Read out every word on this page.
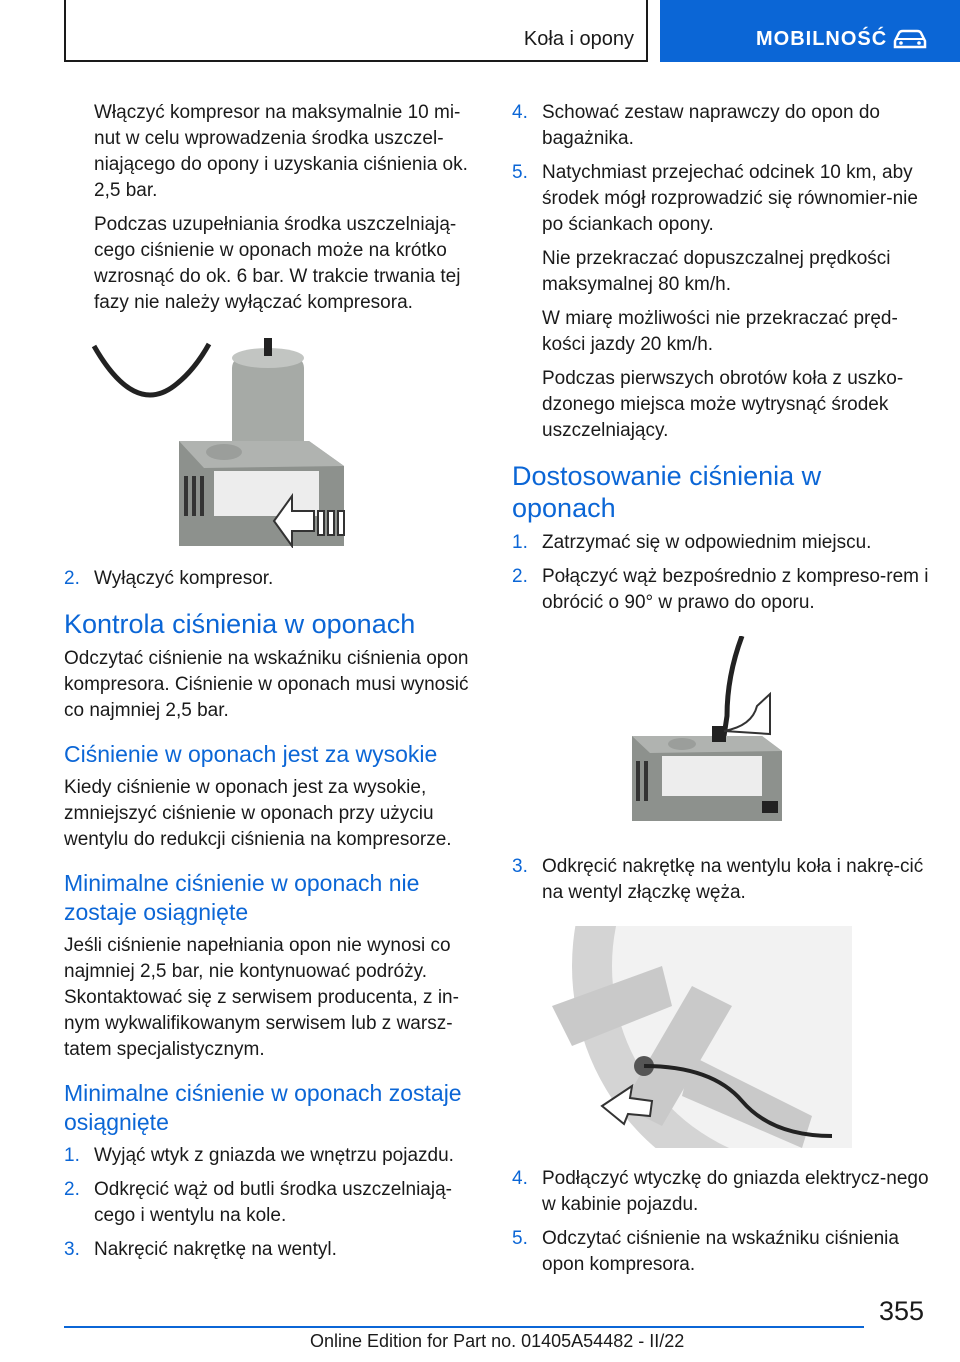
Koła i opony	MOBILNOŚĆ

Włączyć kompresor na maksymalnie 10 mi‐nut w celu wprowadzenia środka uszczel‐niającego do opony i uzyskania ciśnienia ok. 2,5 bar.

Podczas uzupełniania środka uszczelniają‐cego ciśnienie w oponach może na krótko wzrosnąć do ok. 6 bar. W trakcie trwania tej fazy nie należy wyłączać kompresora.

2. Wyłączyć kompresor.
Kontrola ciśnienia w oponach

Odczytać ciśnienie na wskaźniku ciśnienia opon kompresora. Ciśnienie w oponach musi wynosić co najmniej 2,5 bar.

Ciśnienie w oponach jest za wysokie

Kiedy ciśnienie w oponach jest za wysokie, zmniejszyć ciśnienie w oponach przy użyciu wentylu do redukcji ciśnienia na kompresorze.

Minimalne ciśnienie w oponach nie zostaje osiągnięte

Jeśli ciśnienie napełniania opon nie wynosi co najmniej 2,5 bar, nie kontynuować podróży. Skontaktować się z serwisem producenta, z in‐nym wykwalifikowanym serwisem lub z warsz‐tatem specjalistycznym.

Minimalne ciśnienie w oponach zostaje osiągnięte
1. Wyjąć wtyk z gniazda we wnętrzu pojazdu.
2. Odkręcić wąż od butli środka uszczelniają‐cego i wentylu na kole.
3. Nakręcić nakrętkę na wentyl.
4. Schować zestaw naprawczy do opon do bagażnika.
5. Natychmiast przejechać odcinek 10 km, aby środek mógł rozprowadzić się równomier‐nie po ściankach opony.

Nie przekraczać dopuszczalnej prędkości maksymalnej 80 km/h.

W miarę możliwości nie przekraczać pręd‐kości jazdy 20 km/h.

Podczas pierwszych obrotów koła z uszko‐dzonego miejsca może wytrysnąć środek uszczelniający.

Dostosowanie ciśnienia w oponach
1. Zatrzymać się w odpowiednim miejscu.
2. Połączyć wąż bezpośrednio z kompreso‐rem i obrócić o 90° w prawo do oporu.
3. Odkręcić nakrętkę na wentylu koła i nakrę‐cić na wentyl złączkę węża.
4. Podłączyć wtyczkę do gniazda elektrycz‐nego w kabinie pojazdu.
5. Odczytać ciśnienie na wskaźniku ciśnienia opon kompresora.
355
Online Edition for Part no. 01405A54482 - II/22
